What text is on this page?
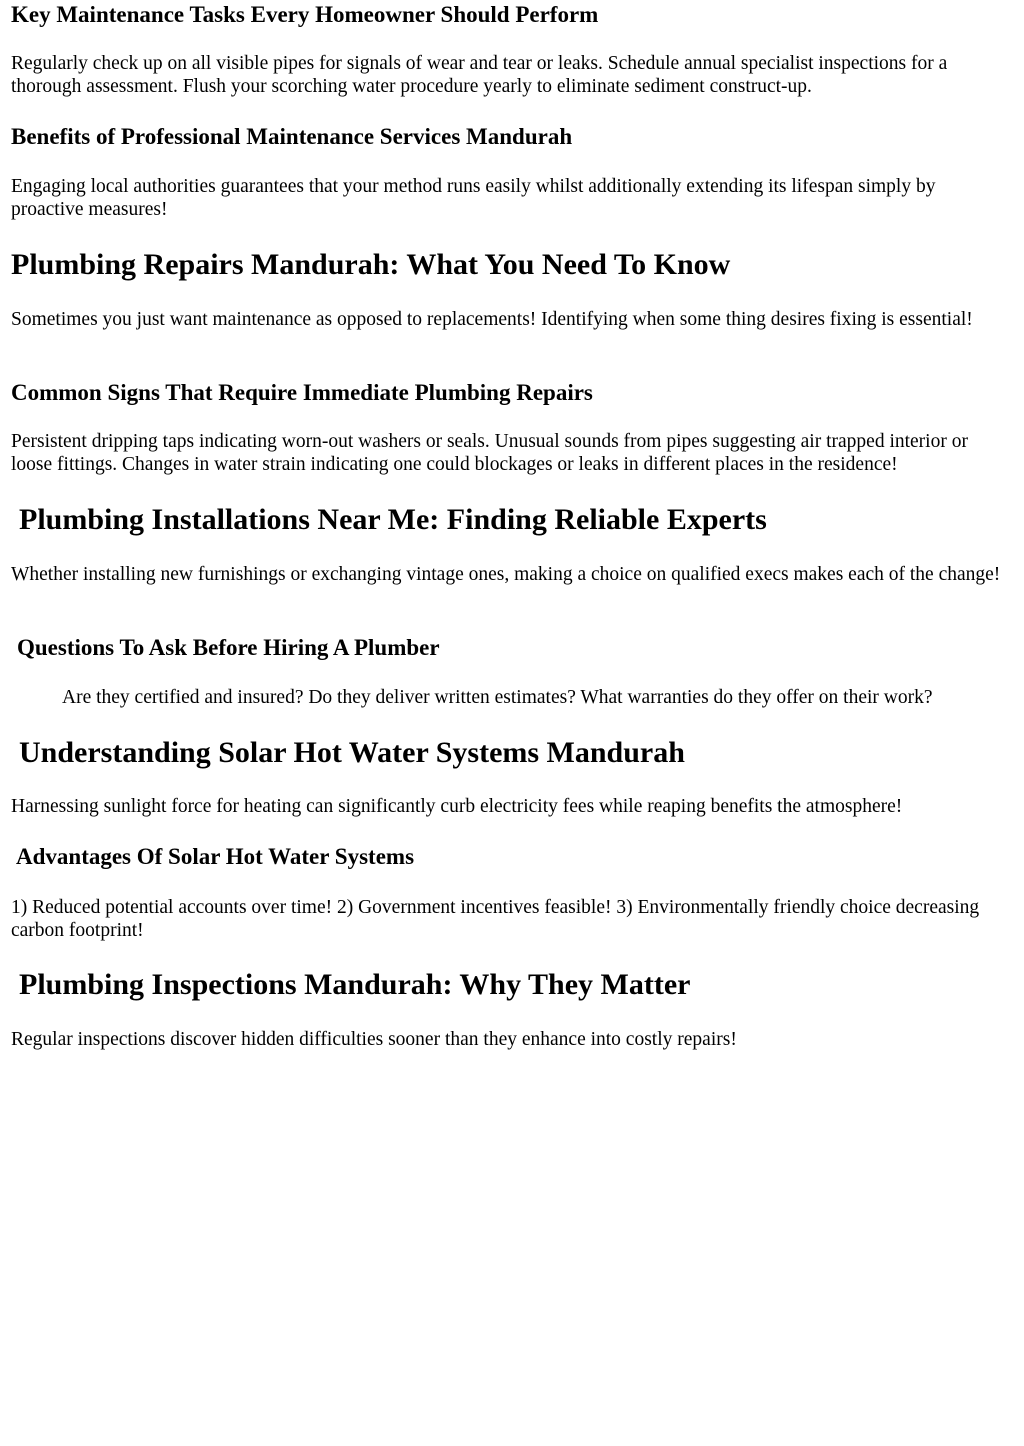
Key Maintenance Tasks Every Homeowner Should Perform
Regularly check up on all visible pipes for signals of wear and tear or leaks. Schedule annual specialist inspections for a thorough assessment. Flush your scorching water procedure yearly to eliminate sediment construct-up.
Benefits of Professional Maintenance Services Mandurah
Engaging local authorities guarantees that your method runs easily whilst additionally extending its lifespan simply by proactive measures!
Plumbing Repairs Mandurah: What You Need To Know
Sometimes you just want maintenance as opposed to replacements! Identifying when some thing desires fixing is essential!
Common Signs That Require Immediate Plumbing Repairs
Persistent dripping taps indicating worn-out washers or seals. Unusual sounds from pipes suggesting air trapped interior or loose fittings. Changes in water strain indicating one could blockages or leaks in different places in the residence!
Plumbing Installations Near Me: Finding Reliable Experts
Whether installing new furnishings or exchanging vintage ones, making a choice on qualified execs makes each of the change!
Questions To Ask Before Hiring A Plumber
Are they certified and insured? Do they deliver written estimates? What warranties do they offer on their work?
Understanding Solar Hot Water Systems Mandurah
Harnessing sunlight force for heating can significantly curb electricity fees while reaping benefits the atmosphere!
Advantages Of Solar Hot Water Systems
1) Reduced potential accounts over time! 2) Government incentives feasible! 3) Environmentally friendly choice decreasing carbon footprint!
Plumbing Inspections Mandurah: Why They Matter
Regular inspections discover hidden difficulties sooner than they enhance into costly repairs!
